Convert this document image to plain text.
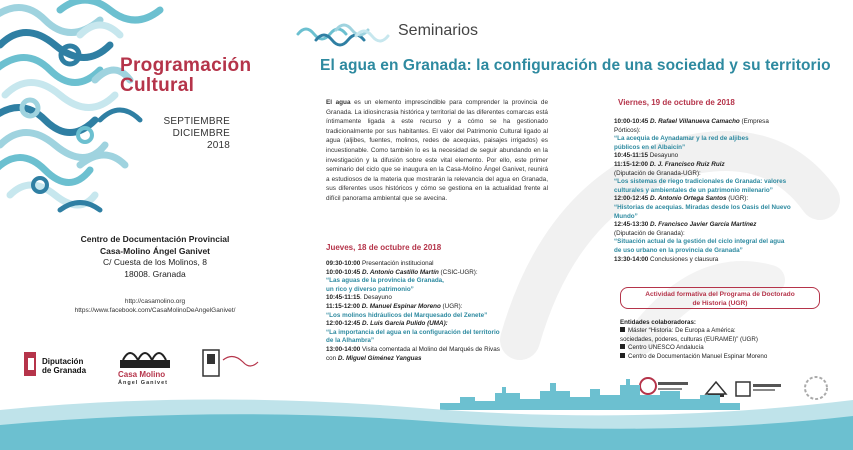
Programación
Cultural
SEPTIEMBRE
DICIEMBRE
2018
Centro de Documentación Provincial
Casa-Molino Ángel Ganivet
C/ Cuesta de los Molinos, 8
18008. Granada
http://casamolino.org
https://www.facebook.com/CasaMolinoDeAngelGanivet/
Diputación
de Granada	Casa Molino
Ángel Ganivet
Seminarios
El agua en Granada: la configuración de una sociedad y su territorio
El agua es un elemento imprescindible para comprender la provincia de Granada. La idiosincrasia histórica y territorial de las diferentes comarcas está íntimamente ligada a este recurso y a cómo se ha gestionado tradicionalmente por sus habitantes. El valor del Patrimonio Cultural ligado al agua (aljibes, fuentes, molinos, redes de acequias, paisajes irrigados) es incuestionable. Como también lo es la necesidad de seguir abundando en la investigación y la difusión sobre este vital elemento. Por ello, este primer seminario del ciclo que se inaugura en la Casa-Molino Ángel Ganivet, reunirá a estudiosos de la materia que mostrarán la relevancia del agua en Granada, sus diferentes usos históricos y cómo se gestiona en la actualidad frente al difícil panorama ambiental que se avecina.
Jueves, 18 de octubre de 2018
09:30-10:00 Presentación institucional
10:00-10:45 D. Antonio Castillo Martín (CSIC-UGR):
“Las aguas de la provincia de Granada,
un rico y diverso patrimonio”
10:45-11:15. Desayuno
11:15-12:00 D. Manuel Espinar Moreno (UGR):
“Los molinos hidráulicos del Marquesado del Zenete”
12:00-12:45 D. Luis García Pulido (UMA):
“La importancia del agua en la configuración del territorio
de la Alhambra”
13:00-14:00 Visita comentada al Molino del Marqués de Rivas
con D. Miguel Giménez Yanguas
Viernes, 19 de octubre de 2018
10:00-10:45 D. Rafael Villanueva Camacho (Empresa
Pórticos):
“La acequia de Aynadamar y la red de aljibes
públicos en el Albaicín”
10:45-11:15 Desayuno
11:15-12:00 D. J. Francisco Ruiz Ruiz
(Diputación de Granada-UGR):
“Los sistemas de riego tradicionales de Granada: valores
culturales y ambientales de un patrimonio milenario”
12:00-12:45 D. Antonio Ortega Santos (UGR):
“Historias de acequias. Miradas desde los Oasis del Nuevo
Mundo”
12:45-13:30 D. Francisco Javier García Martínez
(Diputación de Granada):
“Situación actual de la gestión del ciclo integral del agua
de uso urbano en la provincia de Granada”
13:30-14:00 Conclusiones y clausura
Actividad formativa del Programa de Doctorado
de Historia (UGR)
Entidades colaboradoras:
Máster “Historia: De Europa a América:
sociedades, poderes, culturas (EURAMEI)” (UGR)
Centro UNESCO Andalucía
Centro de Documentación Manuel Espinar Moreno
